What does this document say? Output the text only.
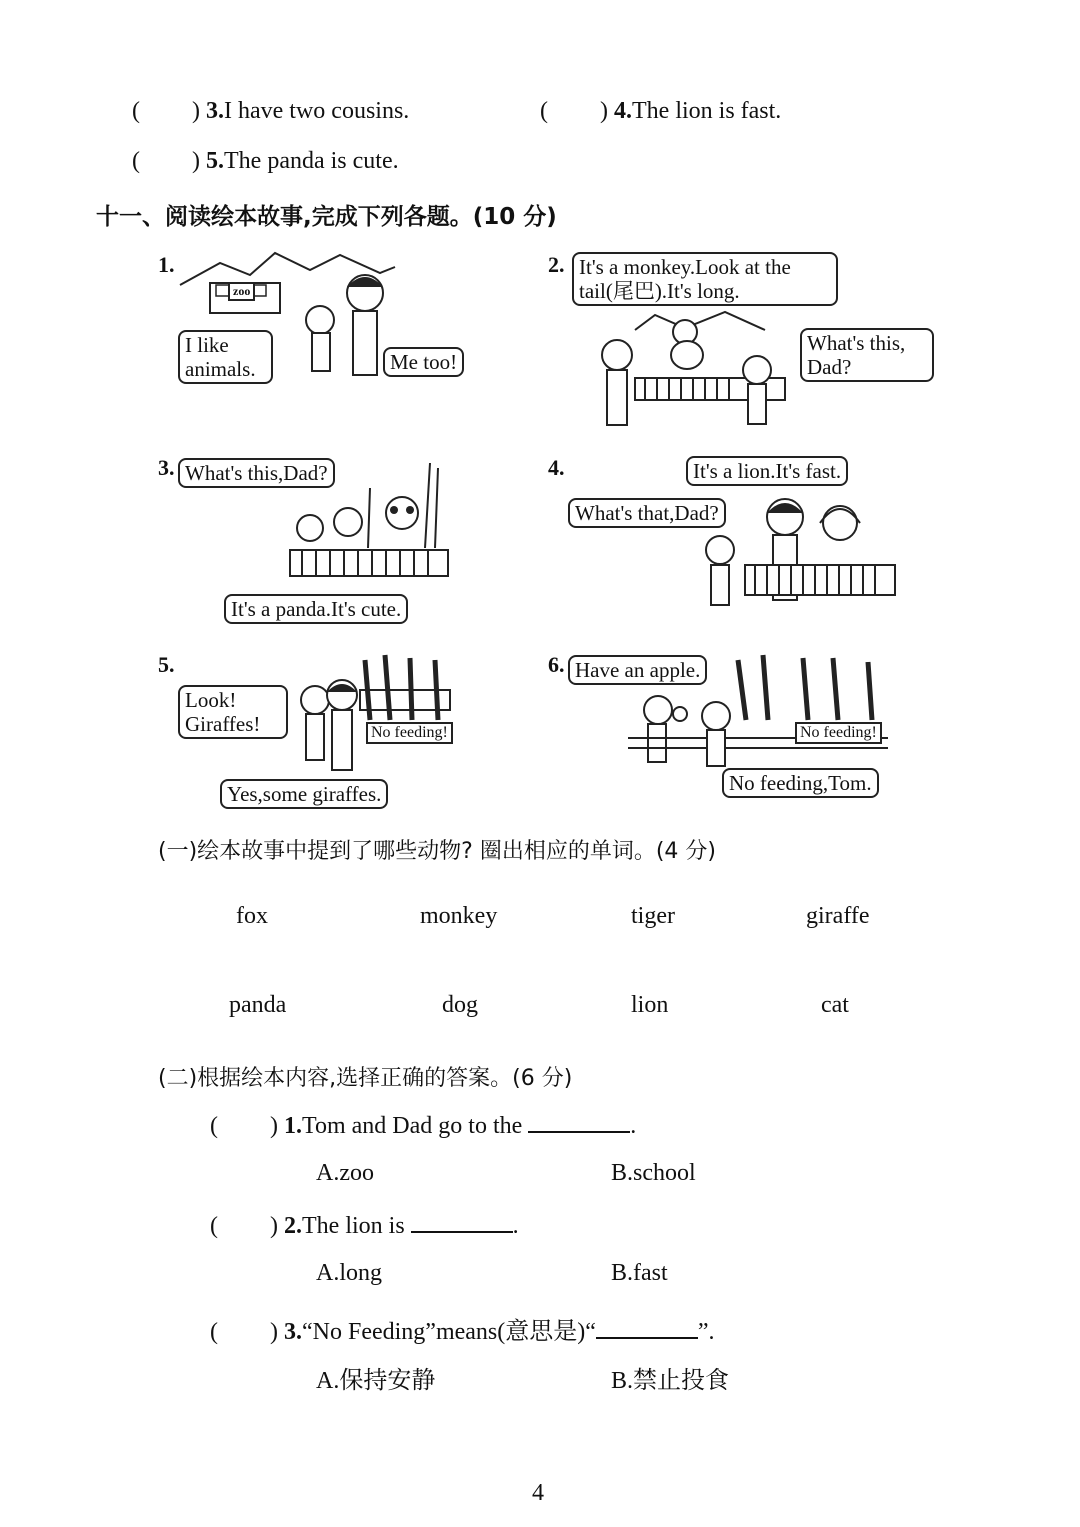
( ) 3.I have two cousins.	( ) 4.The lion is fast.
( ) 5.The panda is cute.
十一、阅读绘本故事,完成下列各题。(10 分)
1.
zoo
I like animals.	Me too!
2. It's a monkey.Look at the tail(尾巴).It's long.
What's this, Dad?
3. What's this,Dad?
It's a panda.It's cute.
4.	It's a lion.It's fast.
What's that,Dad?
5.
Look! Giraffes!	No feeding!
Yes,some giraffes.
6. Have an apple.
No feeding!
No feeding,Tom.
(一)绘本故事中提到了哪些动物? 圈出相应的单词。(4 分)
fox	monkey	tiger	giraffe
panda	dog	lion	cat
(二)根据绘本内容,选择正确的答案。(6 分)
( ) 1.Tom and Dad go to the	.
A.zoo	B.school
( ) 2.The lion is	.
A.long	B.fast
( ) 3.“No Feeding”means(意思是)“	”.
A.保持安静	B.禁止投食
4
